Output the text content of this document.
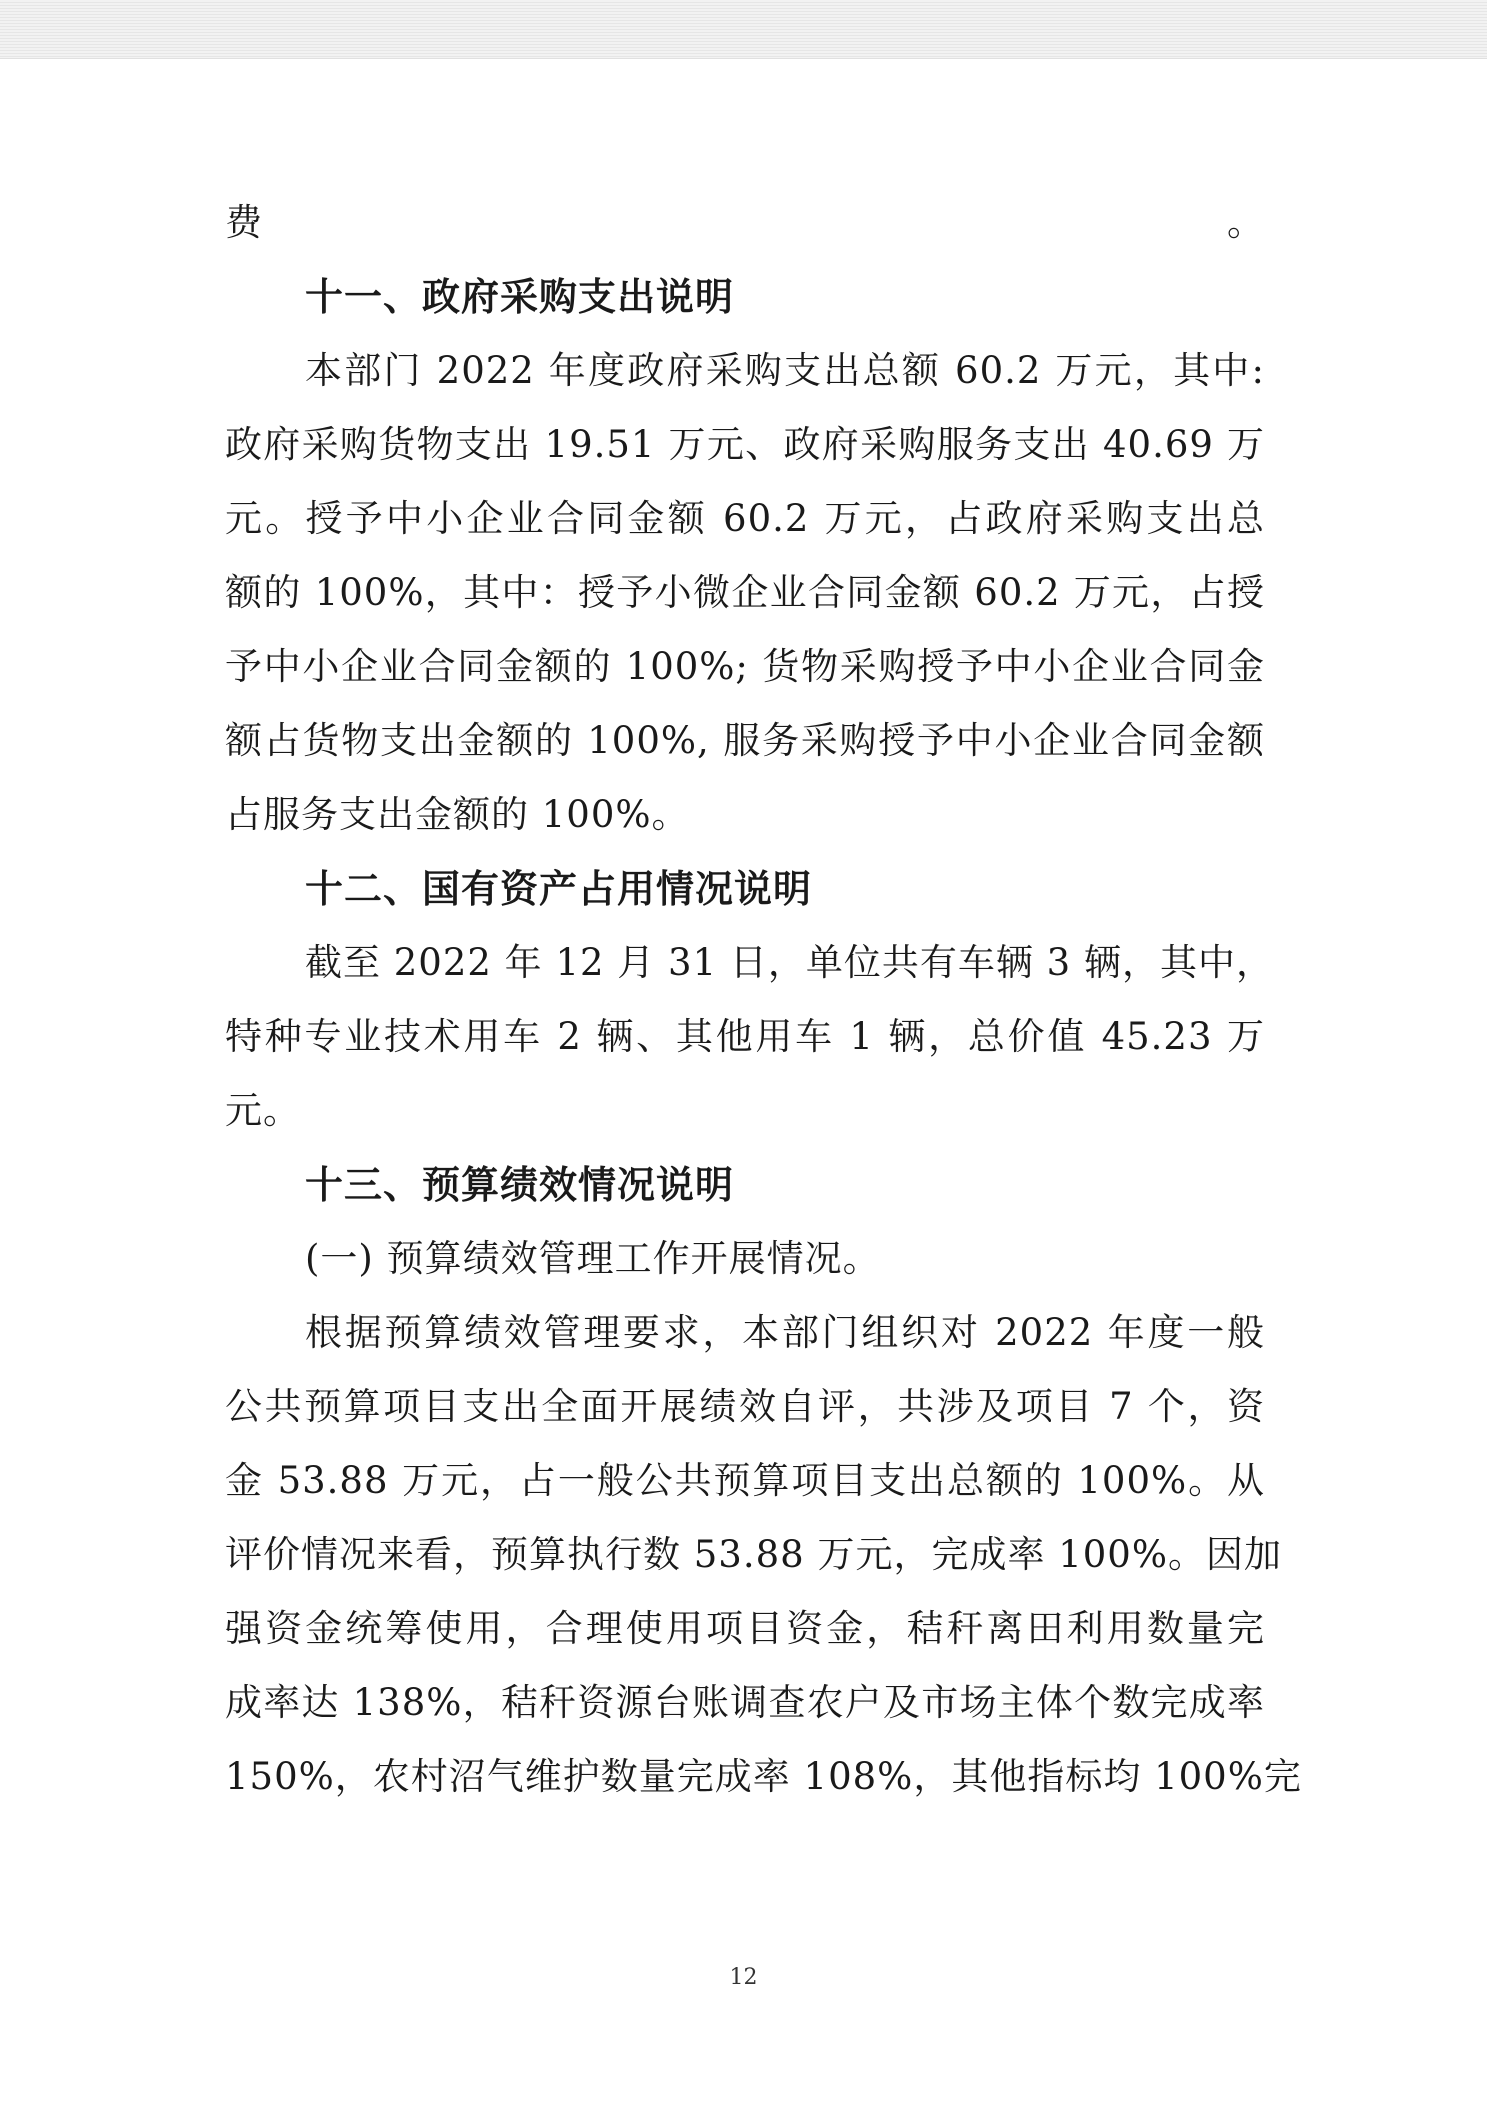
费。
十一、政府采购支出说明
本部门 2022 年度政府采购支出总额 60.2 万元，其中:
政府采购货物支出 19.51 万元、政府采购服务支出 40.69 万
元。授予中小企业合同金额 60.2 万元，占政府采购支出总
额的 100%，其中：授予小微企业合同金额 60.2 万元，占授
予中小企业合同金额的 100%; 货物采购授予中小企业合同金
额占货物支出金额的 100%, 服务采购授予中小企业合同金额
占服务支出金额的 100%。
十二、国有资产占用情况说明
截至 2022 年 12 月 31 日，单位共有车辆 3 辆，其中，
特种专业技术用车 2 辆、其他用车 1 辆，总价值 45.23 万
元。
十三、预算绩效情况说明
(一) 预算绩效管理工作开展情况。
根据预算绩效管理要求，本部门组织对 2022 年度一般
公共预算项目支出全面开展绩效自评，共涉及项目 7 个，资
金 53.88 万元，占一般公共预算项目支出总额的 100%。从
评价情况来看，预算执行数 53.88 万元，完成率 100%。因加
强资金统筹使用，合理使用项目资金，秸秆离田利用数量完
成率达 138%，秸秆资源台账调查农户及市场主体个数完成率
150%，农村沼气维护数量完成率 108%，其他指标均 100%完
12
